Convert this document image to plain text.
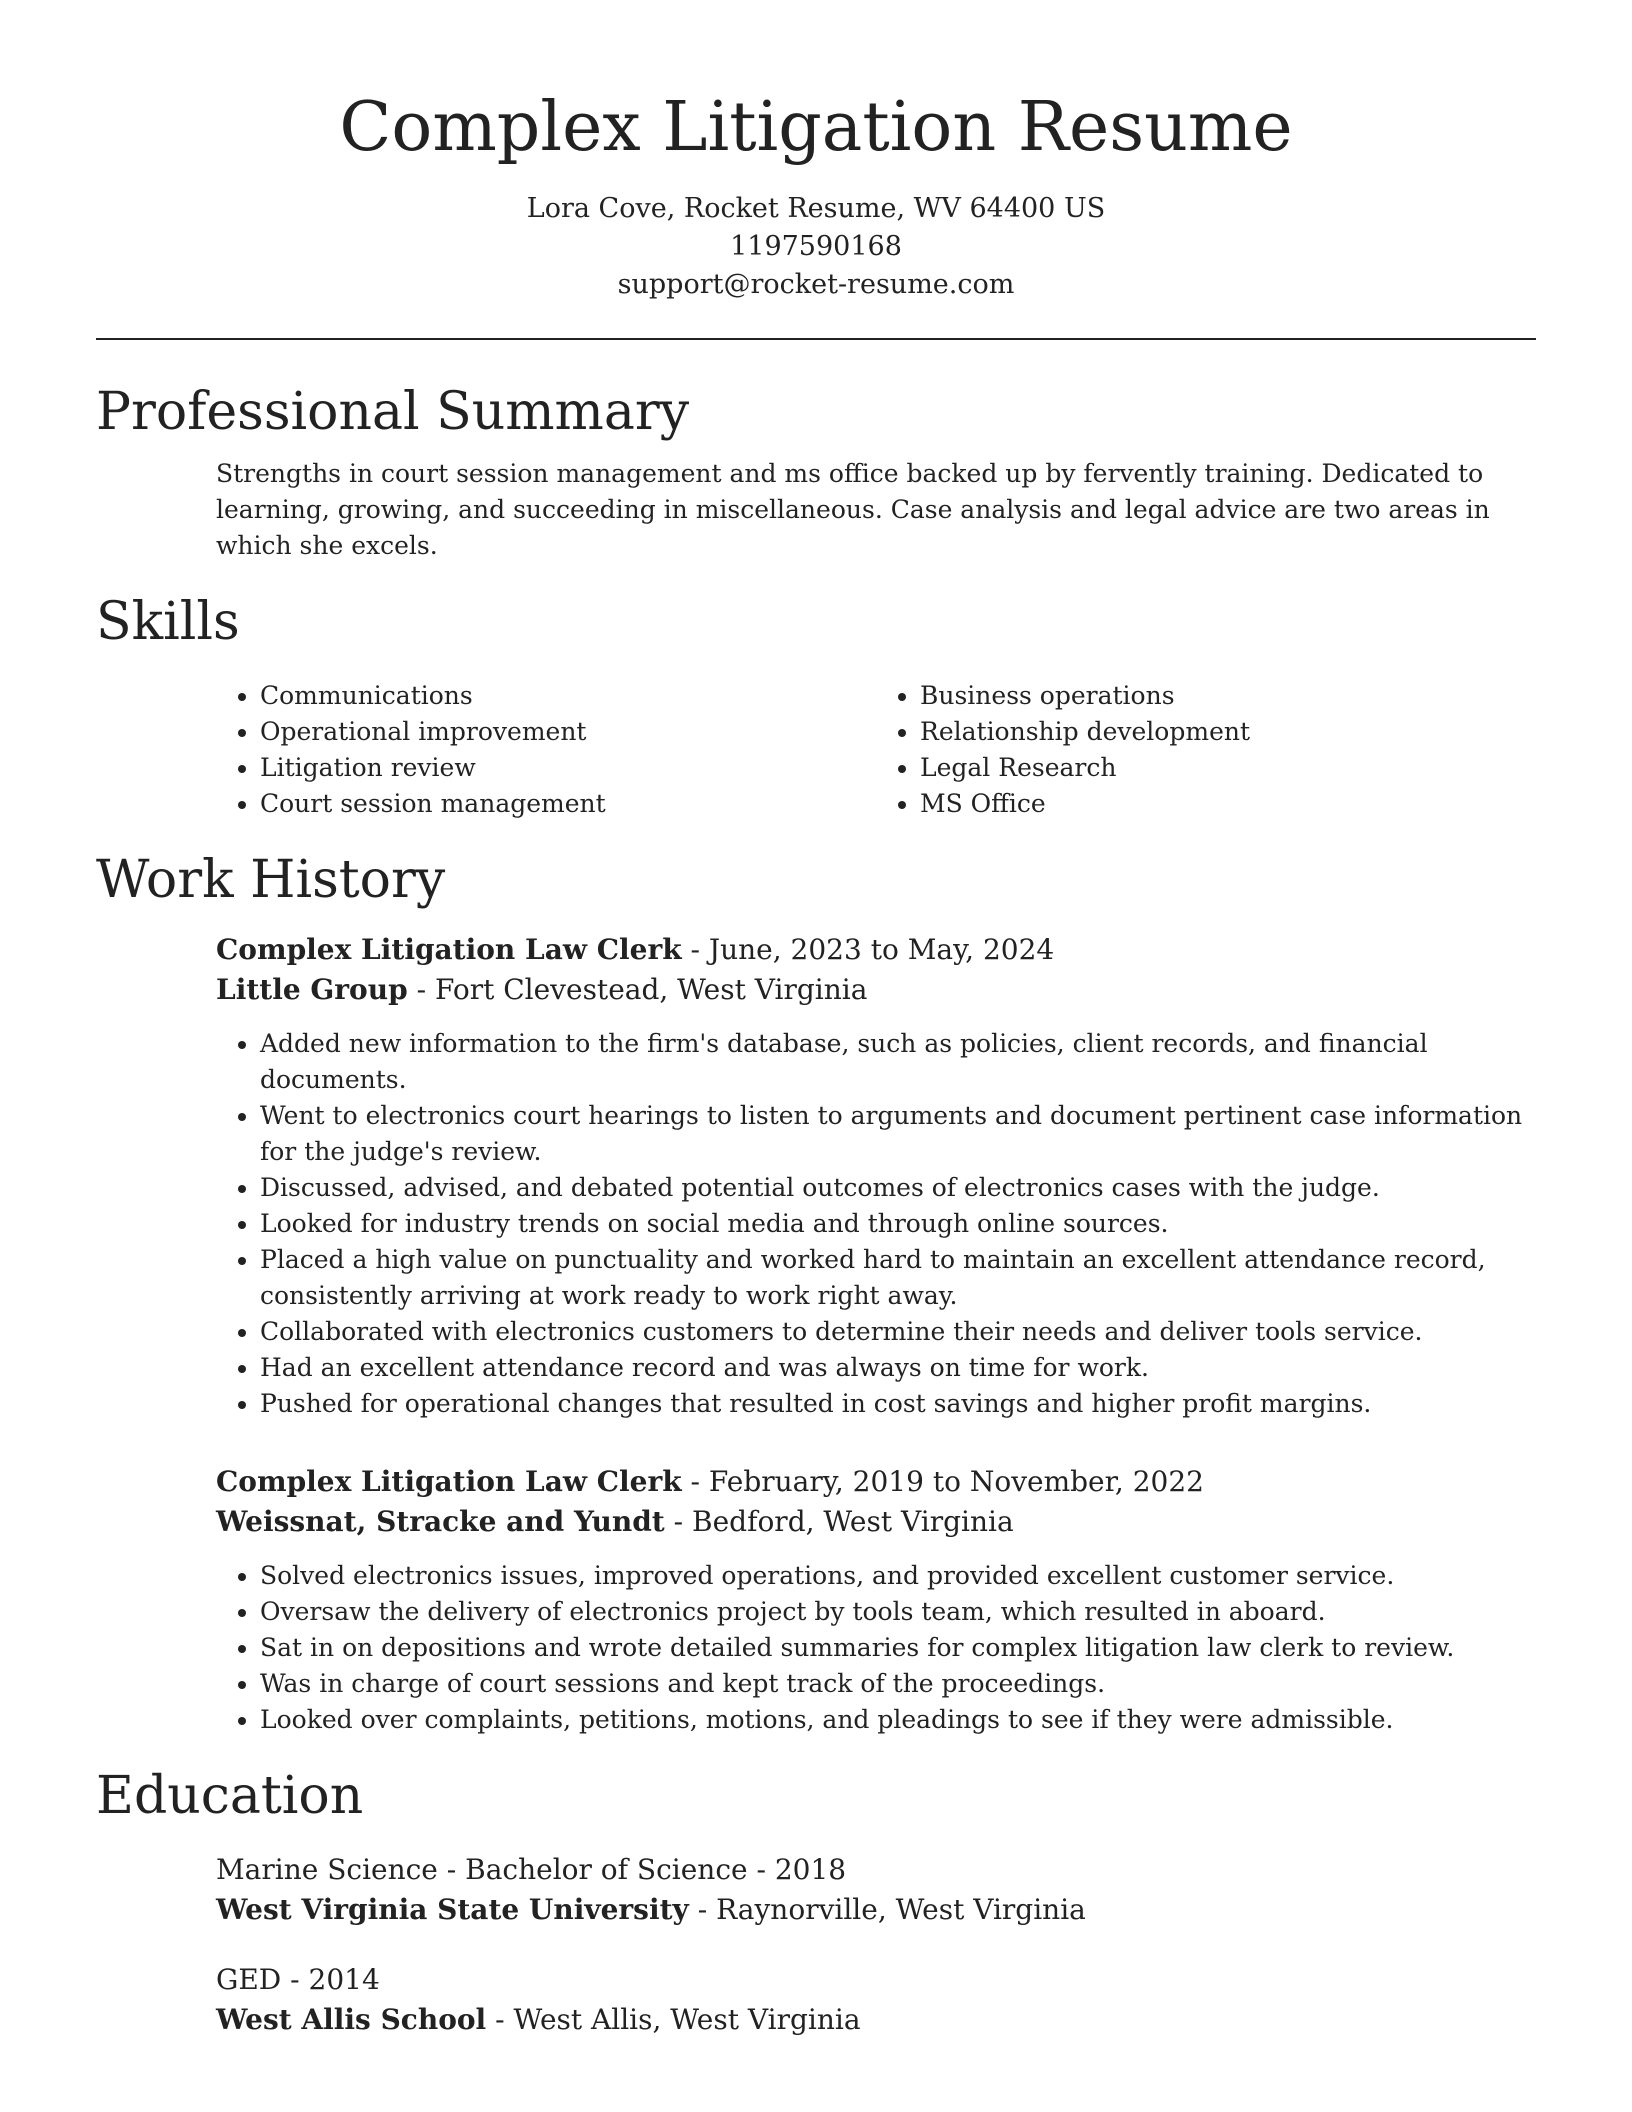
Complex Litigation Resume
Lora Cove, Rocket Resume, WV 64400 US
1197590168
support@rocket-resume.com
Professional Summary
Strengths in court session management and ms office backed up by fervently training. Dedicated to learning, growing, and succeeding in miscellaneous. Case analysis and legal advice are two areas in which she excels.
Skills
• Communications
• Operational improvement
• Litigation review
• Court session management
• Business operations
• Relationship development
• Legal Research
• MS Office
Work History
Complex Litigation Law Clerk - June, 2023 to May, 2024
Little Group - Fort Clevestead, West Virginia
• Added new information to the firm's database, such as policies, client records, and financial documents.
• Went to electronics court hearings to listen to arguments and document pertinent case information for the judge's review.
• Discussed, advised, and debated potential outcomes of electronics cases with the judge.
• Looked for industry trends on social media and through online sources.
• Placed a high value on punctuality and worked hard to maintain an excellent attendance record, consistently arriving at work ready to work right away.
• Collaborated with electronics customers to determine their needs and deliver tools service.
• Had an excellent attendance record and was always on time for work.
• Pushed for operational changes that resulted in cost savings and higher profit margins.
Complex Litigation Law Clerk - February, 2019 to November, 2022
Weissnat, Stracke and Yundt - Bedford, West Virginia
• Solved electronics issues, improved operations, and provided excellent customer service.
• Oversaw the delivery of electronics project by tools team, which resulted in aboard.
• Sat in on depositions and wrote detailed summaries for complex litigation law clerk to review.
• Was in charge of court sessions and kept track of the proceedings.
• Looked over complaints, petitions, motions, and pleadings to see if they were admissible.
Education
Marine Science - Bachelor of Science - 2018
West Virginia State University - Raynorville, West Virginia
GED - 2014
West Allis School - West Allis, West Virginia
